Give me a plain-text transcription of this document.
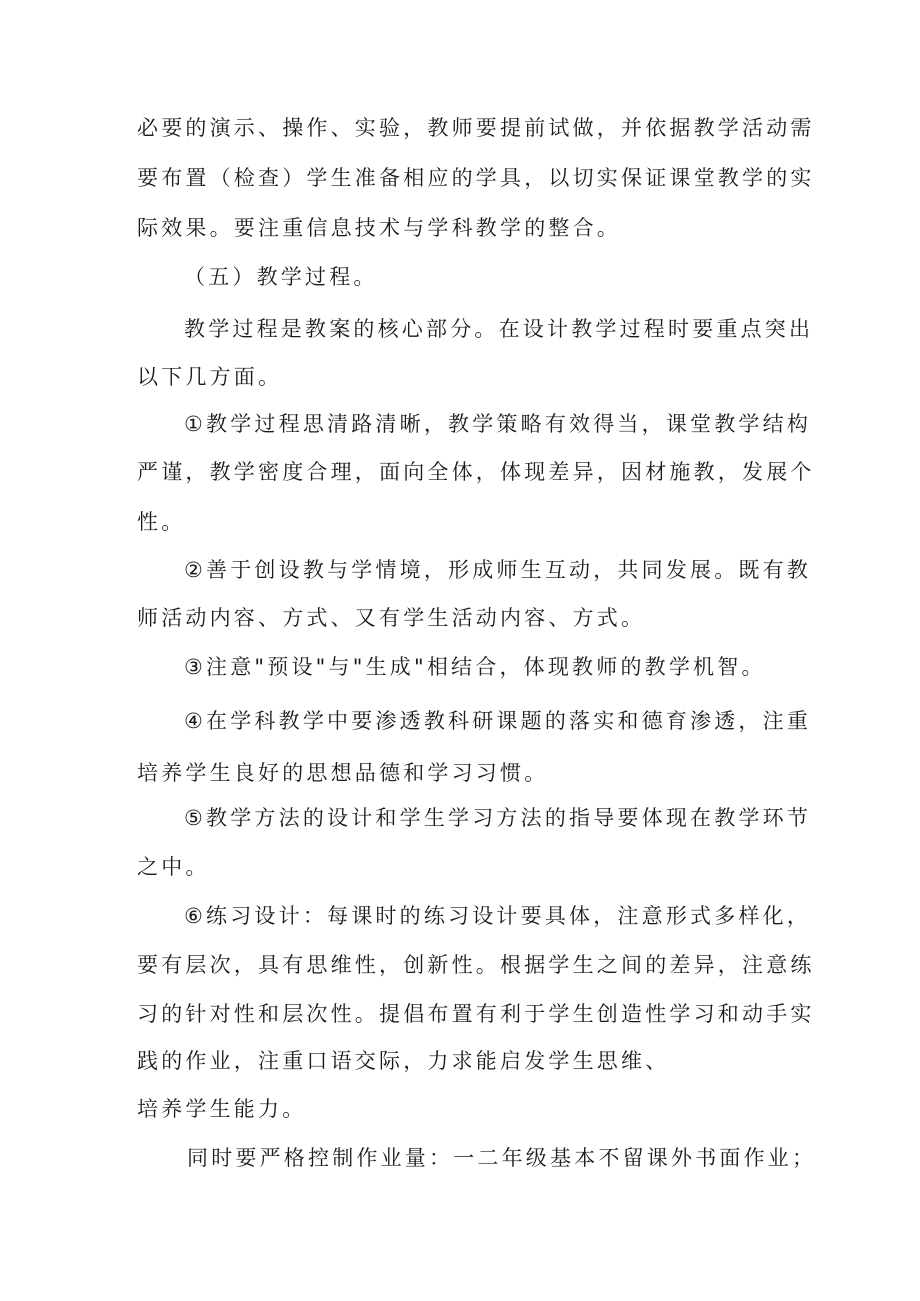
必要的演示、操作、实验，教师要提前试做，并依据教学活动需
要布置（检查）学生准备相应的学具，以切实保证课堂教学的实
际效果。要注重信息技术与学科教学的整合。
（五）教学过程。
教学过程是教案的核心部分。在设计教学过程时要重点突出
以下几方面。
①教学过程思清路清晰，教学策略有效得当，课堂教学结构
严谨，教学密度合理，面向全体，体现差异，因材施教，发展个
性。
②善于创设教与学情境，形成师生互动，共同发展。既有教
师活动内容、方式、又有学生活动内容、方式。
③注意"预设"与"生成"相结合，体现教师的教学机智。
④在学科教学中要渗透教科研课题的落实和德育渗透，注重
培养学生良好的思想品德和学习习惯。
⑤教学方法的设计和学生学习方法的指导要体现在教学环节
之中。
⑥练习设计：每课时的练习设计要具体，注意形式多样化，
要有层次，具有思维性，创新性。根据学生之间的差异，注意练
习的针对性和层次性。提倡布置有利于学生创造性学习和动手实
践的作业，注重口语交际，力求能启发学生思维、
培养学生能力。
同时要严格控制作业量：一二年级基本不留课外书面作业；
